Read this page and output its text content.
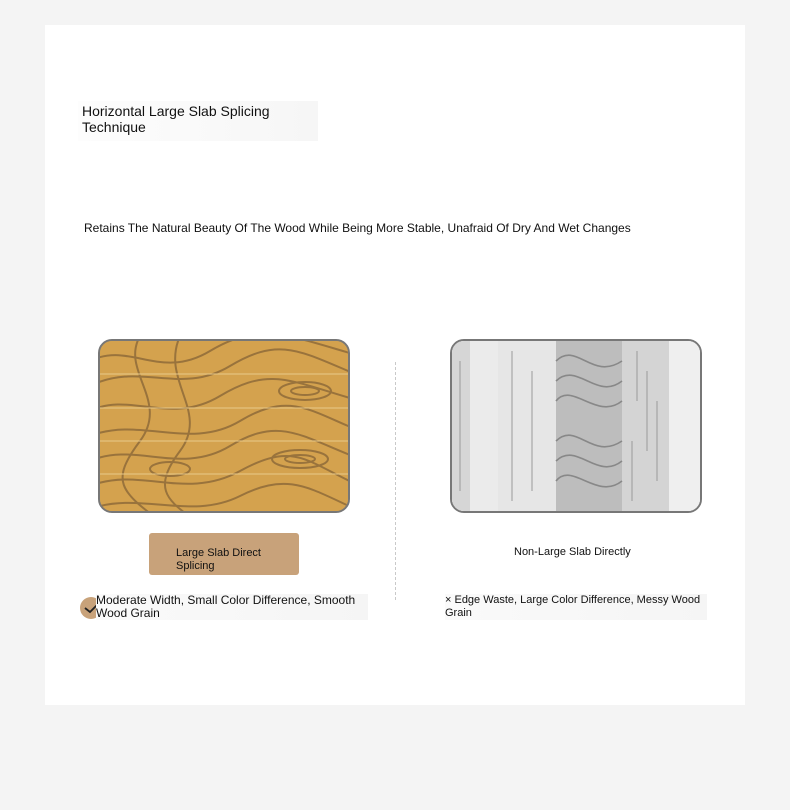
Horizontal Large Slab Splicing Technique
Retains The Natural Beauty Of The Wood While Being More Stable, Unafraid Of Dry And Wet Changes
Large Slab Direct Splicing
Non-Large Slab Directly
Moderate Width, Small Color Difference, Smooth Wood Grain
× Edge Waste, Large Color Difference, Messy Wood Grain
